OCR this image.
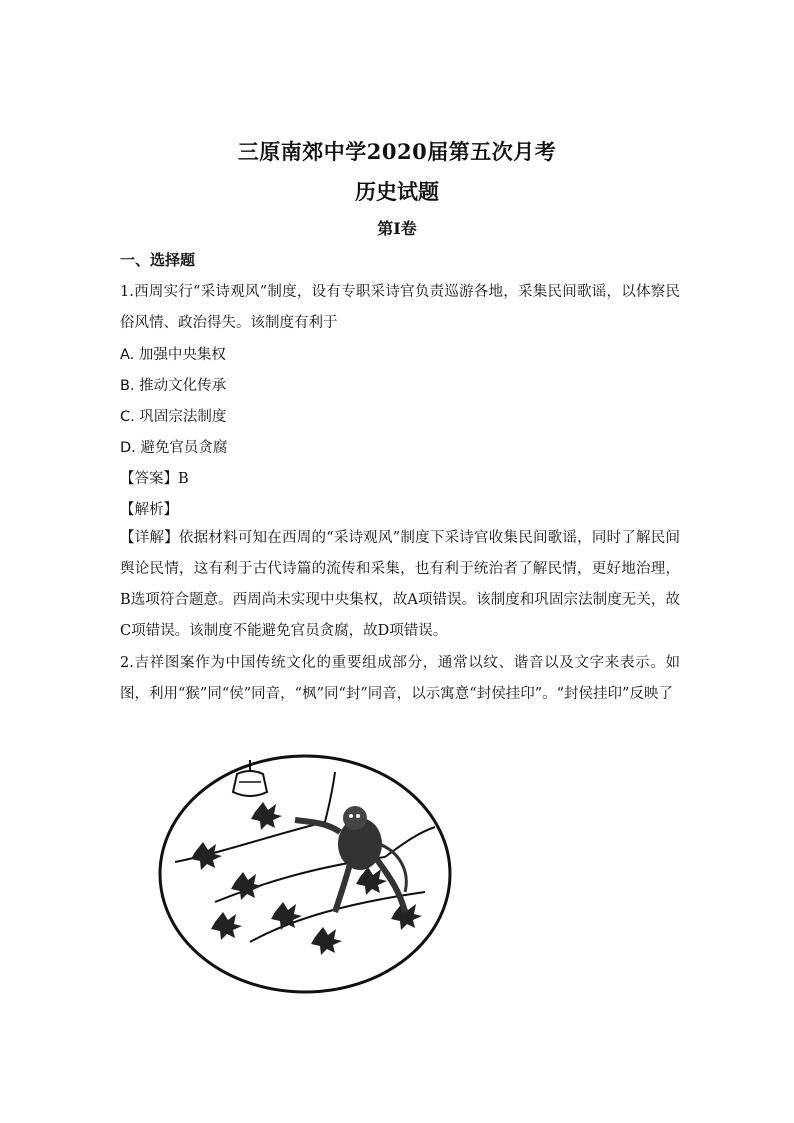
三原南郊中学2020届第五次月考
历史试题
第Ⅰ卷
一、选择题
1.西周实行“采诗观风”制度，设有专职采诗官负责巡游各地，采集民间歌谣，以体察民俗风情、政治得失。该制度有利于
A. 加强中央集权
B. 推动文化传承
C. 巩固宗法制度
D. 避免官员贪腐
【答案】B
【解析】
【详解】依据材料可知在西周的“采诗观风”制度下采诗官收集民间歌谣，同时了解民间舆论民情，这有利于古代诗篇的流传和采集，也有利于统治者了解民情，更好地治理，B选项符合题意。西周尚未实现中央集权，故A项错误。该制度和巩固宗法制度无关，故C项错误。该制度不能避免官员贪腐，故D项错误。
2.吉祥图案作为中国传统文化的重要组成部分，通常以纹、谐音以及文字来表示。如图，利用“猴”同“侯”同音，“枫”同“封”同音，以示寓意“封侯挂印”。“封侯挂印”反映了
